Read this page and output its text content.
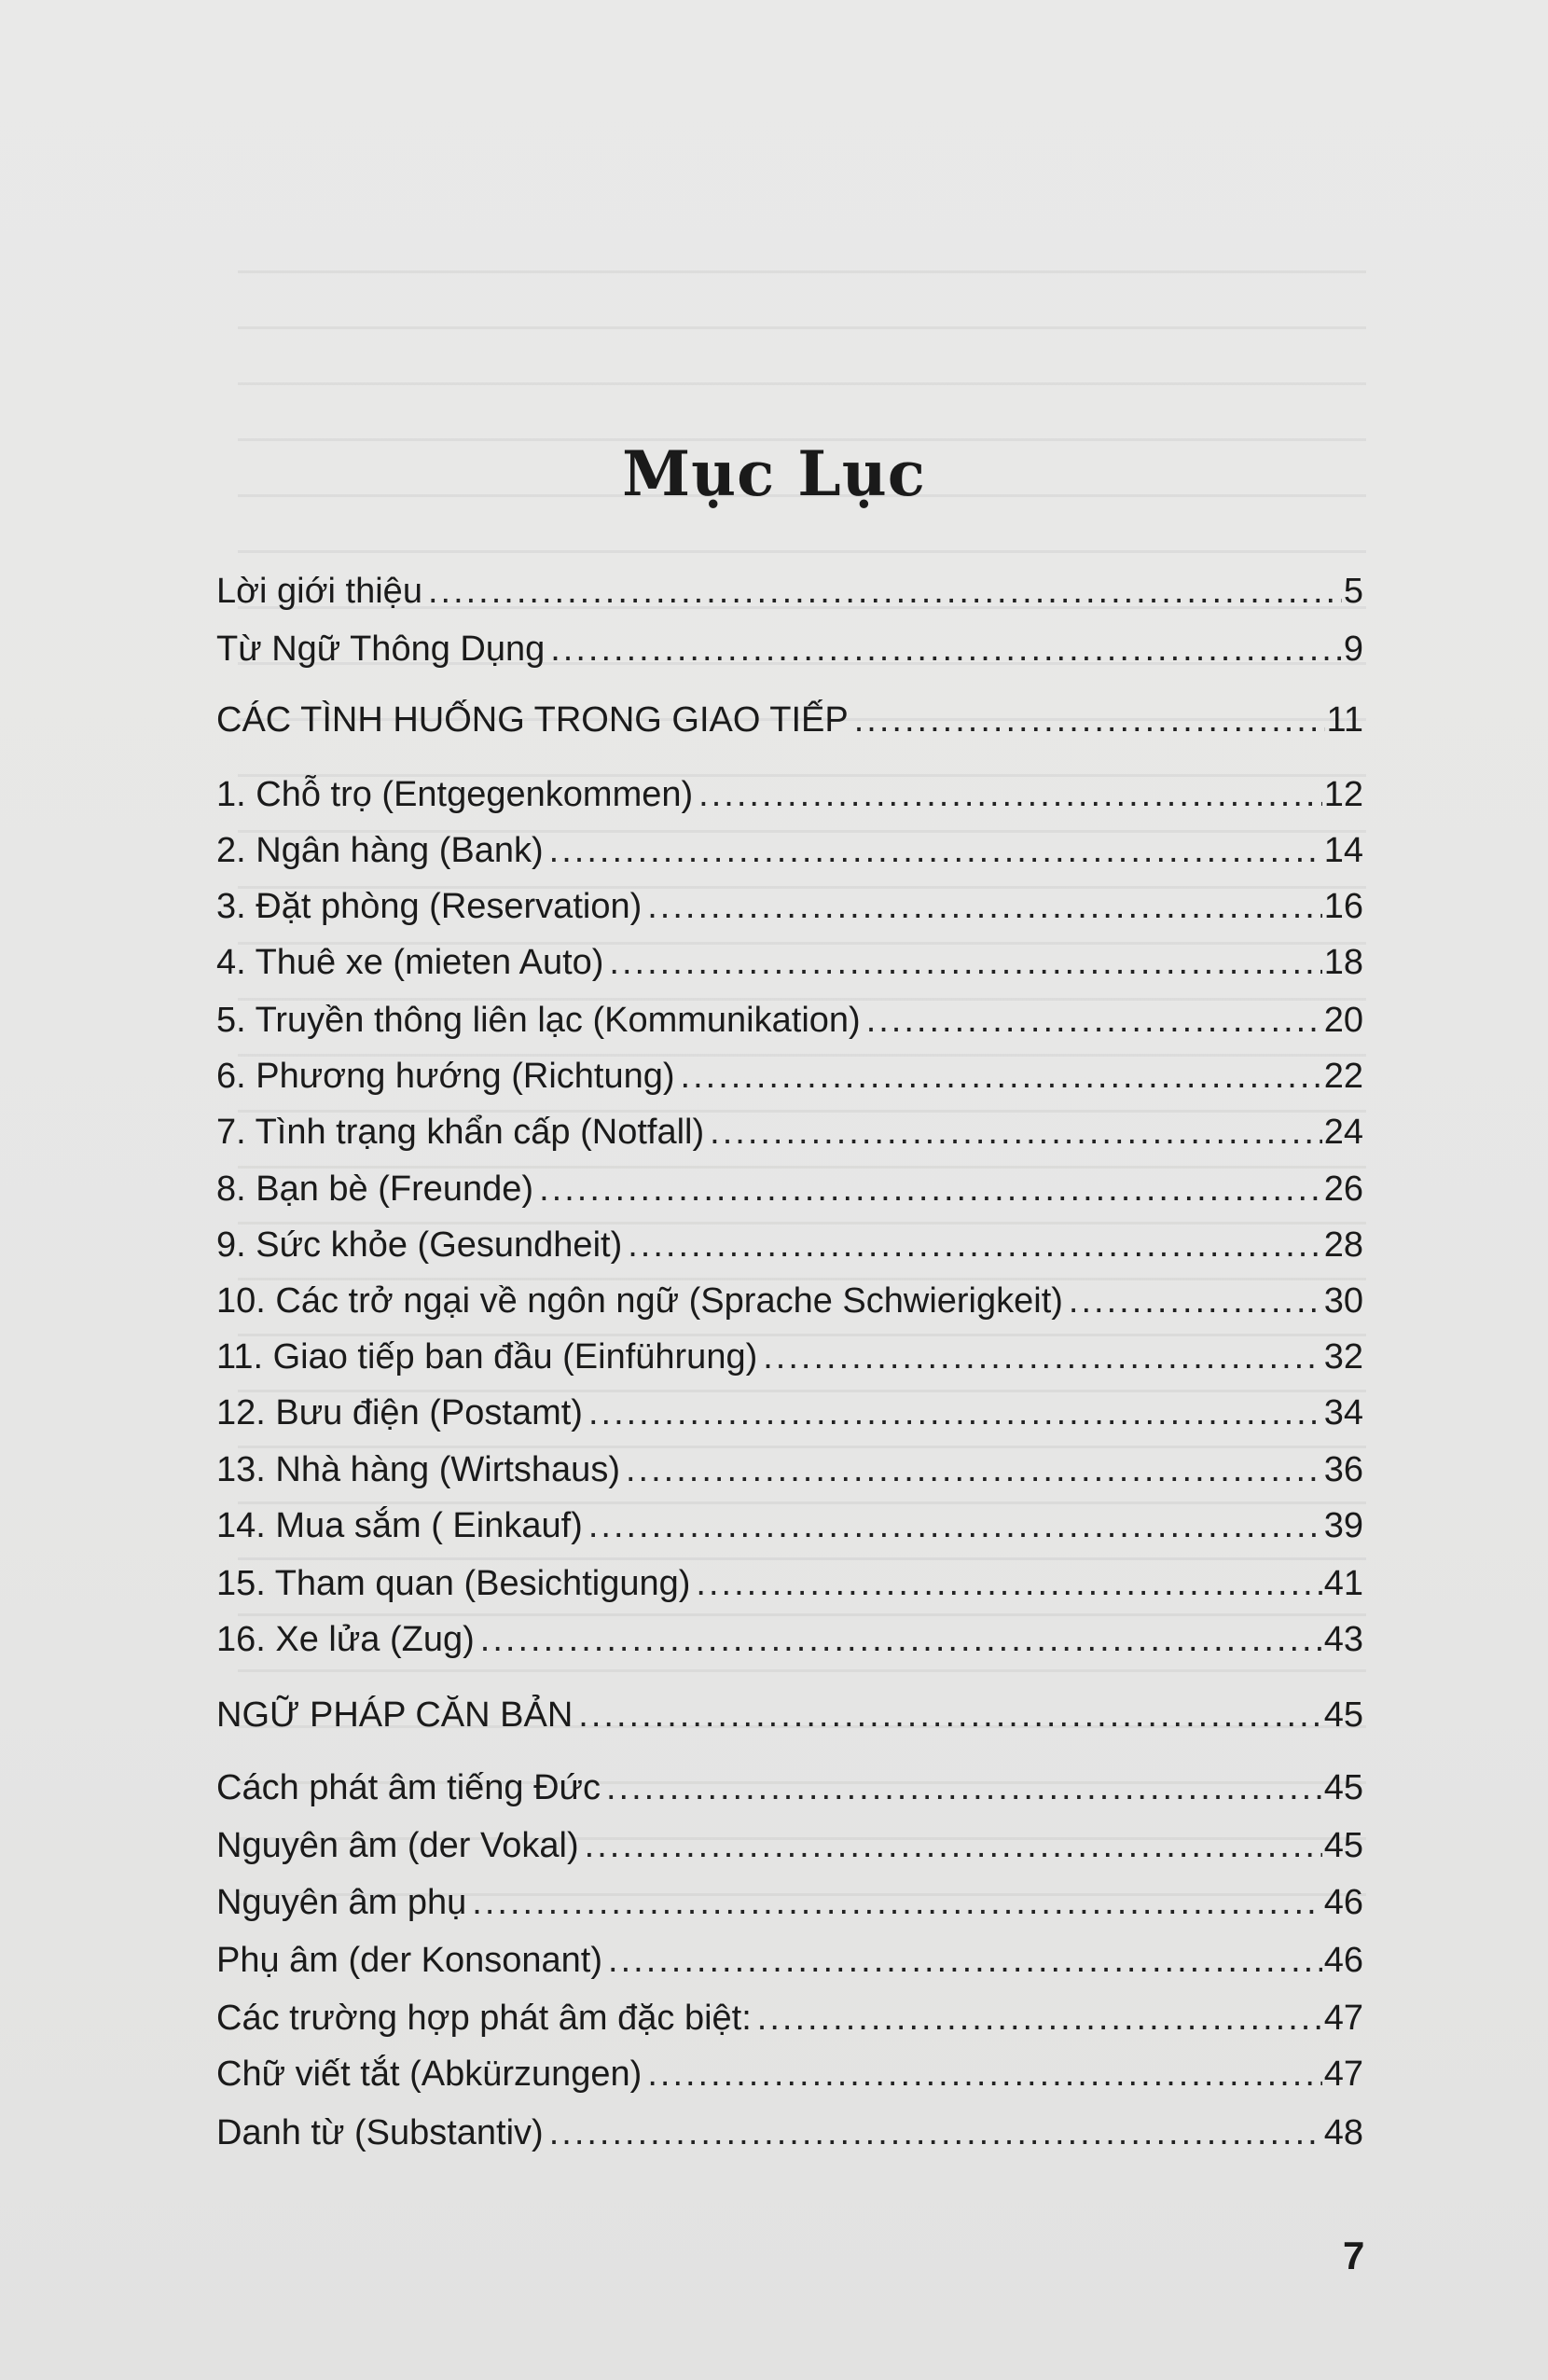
Mục Lục
Lời giới thiệu .....	5
Từ Ngữ Thông Dụng .....	9
CÁC TÌNH HUỐNG TRONG GIAO TIẾP .....	11
1. Chỗ trọ (Entgegenkommen) .....	12
2. Ngân hàng (Bank) .....	14
3. Đặt phòng (Reservation) .....	16
4. Thuê xe (mieten Auto) .....	18
5. Truyền thông liên lạc (Kommunikation) .....	20
6. Phương hướng (Richtung) .....	22
7. Tình trạng khẩn cấp (Notfall) .....	24
8. Bạn bè (Freunde) .....	26
9. Sức khỏe (Gesundheit) .....	28
10. Các trở ngại về ngôn ngữ (Sprache Schwierigkeit) .....	30
11. Giao tiếp ban đầu (Einführung) .....	32
12. Bưu điện (Postamt) .....	34
13. Nhà hàng (Wirtshaus) .....	36
14. Mua sắm ( Einkauf) .....	39
15. Tham quan (Besichtigung) .....	41
16. Xe lửa (Zug) .....	43
NGỮ PHÁP CĂN BẢN .....	45
Cách phát âm tiếng Đức .....	45
Nguyên âm (der Vokal) .....	45
Nguyên âm phụ .....	46
Phụ âm (der Konsonant) .....	46
Các trường hợp phát âm đặc biệt: .....	47
Chữ viết tắt (Abkürzungen) .....	47
Danh từ (Substantiv) .....	48
7
